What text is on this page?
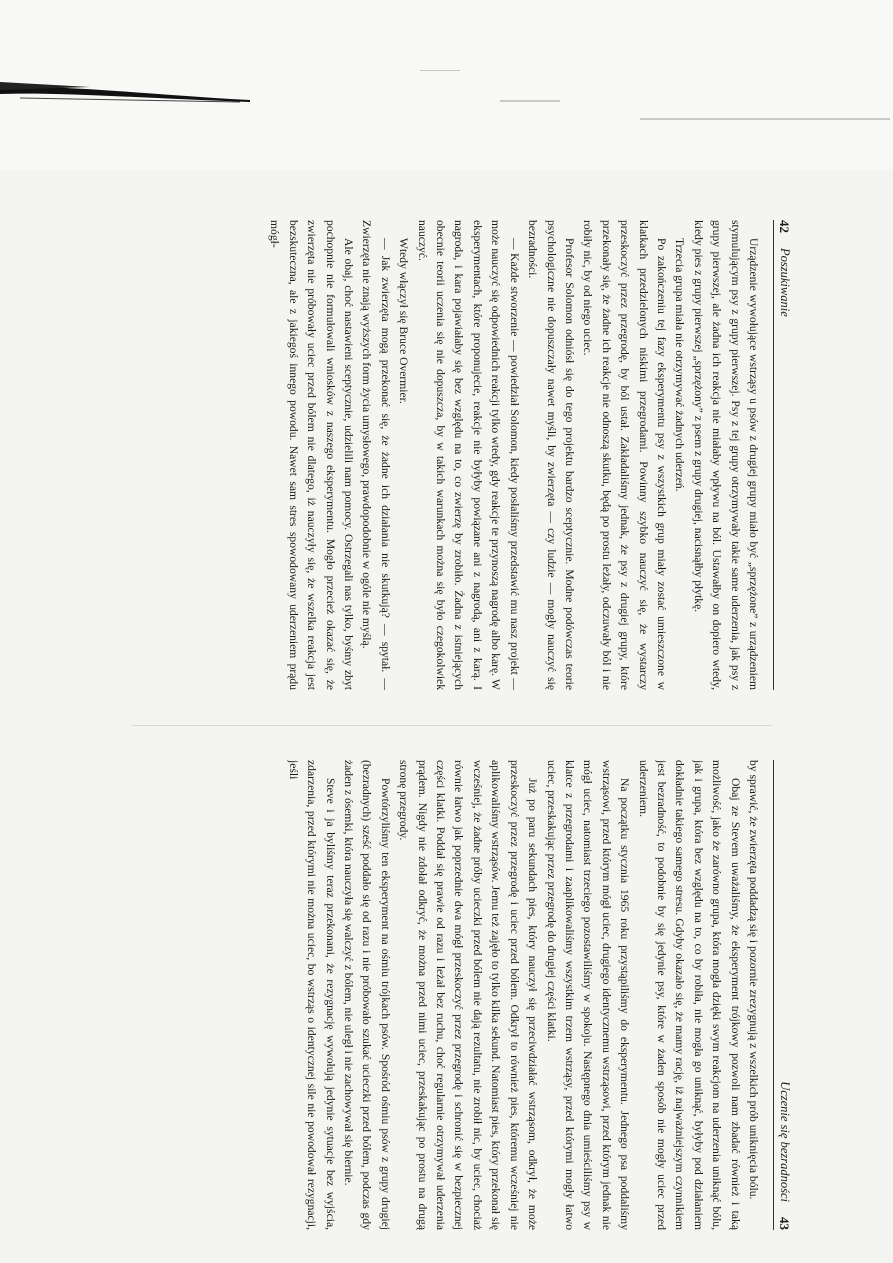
42
Poszukiwanie

Urządzenie wywołujące wstrząsy u psów z drugiej grupy miało być „sprzężone” z urządzeniem stymulującym psy z grupy pierwszej. Psy z tej grupy otrzymywały takie same uderzenia, jak psy z grupy pierwszej, ale żadna ich reakcja nie miałaby wpływu na ból. Ustawałby on dopiero wtedy, kiedy pies z grupy pierwszej „sprzężony” z psem z grupy drugiej, nacisnąłby płytkę.

Trzecia grupa miała nie otrzymywać żadnych uderzeń.

Po zakończeniu tej fazy eksperymentu psy z wszystkich grup miały zostać umieszczone w klatkach przedzielonych niskimi przegrodami. Powinny szybko nauczyć się, że wystarczy przeskoczyć przez przegrodę, by ból ustał. Zakładaliśmy jednak, że psy z drugiej grupy, które przekonały się, że żadne ich reakcje nie odnoszą skutku, będą po prostu leżały, odczuwały ból i nie robiły nic, by od niego uciec.

Profesor Solomon odniósł się do tego projektu bardzo sceptycznie. Modne podówczas teorie psychologiczne nie dopuszczały nawet myśli, by zwierzęta — czy ludzie — mogły nauczyć się bezradności.

— Każde stworzenie — powiedział Solomon, kiedy posłaliśmy przedstawić mu nasz projekt — może nauczyć się odpowiednich reakcji tylko wtedy, gdy reakcje te przynoszą nagrodę albo karę. W eksperymentach, które proponujecie, reakcje nie byłyby powiązane ani z nagrodą, ani z karą. I nagroda, i kara pojawiałaby się bez względu na to, co zwierzę by zrobiło. Żadna z istniejących obecnie teorii uczenia się nie dopuszcza, by w takich warunkach można się było czegokolwiek nauczyć.

Wtedy włączył się Bruce Overmier.

— Jak zwierzęta mogą przekonać się, że żadne ich działania nie skutkują? — spytał. — Zwierzęta nie znają wyższych form życia umysłowego, prawdopodobnie w ogóle nie myślą.

Ale obaj, choć nastawieni sceptycznie, udzielili nam pomocy. Ostrzegali nas tylko, byśmy zbyt pochopnie nie formułowali wniosków z naszego eksperymentu. Mogło przecież okazać się, że zwierzęta nie próbowały uciec przed bólem nie dlatego, iż nauczyły się, że wszelka reakcja jest bezskuteczna, ale z jakiegoś innego powodu. Nawet sam stres spowodowany uderzeniem prądu mógł-

Uczenie się bezradności
43

by sprawić, że zwierzęta poddadzą się i pozornie zrezygnują z wszelkich prób uniknięcia bólu.

Obaj ze Stevem uważaliśmy, że eksperyment trójkowy pozwoli nam zbadać również i taką możliwość, jako że zarówno grupa, która mogła dzięki swym reakcjom na uderzenia uniknąć bólu, jak i grupa, która bez względu na to, co by robiła, nie mogła go uniknąć, byłyby pod działaniem dokładnie takiego samego stresu. Gdyby okazało się, że mamy rację, iż najważniejszym czynnikiem jest bezradność, to podobnie by się jedynie psy, które w żaden sposób nie mogły uciec przed uderzeniem.

Na początku stycznia 1965 roku przystąpiliśmy do eksperymentu. Jednego psa poddaliśmy wstrząsowi, przed którym mógł uciec, drugiego identycznemu wstrząsowi, przed którym jednak nie mógł uciec, natomiast trzeciego pozostawiliśmy w spokoju. Następnego dnia umieściliśmy psy w klatce z przegrodami i zaaplikowaliśmy wszystkim trzem wstrząsy, przed którymi mogły łatwo uciec, przeskakując przez przegrodę do drugiej części klatki.

Już po paru sekundach pies, który nauczył się przeciwdziałać wstrząsom, odkrył, że może przeskoczyć przez przegrodę i uciec przed bólem. Odkrył to również pies, któremu wcześniej nie aplikowaliśmy wstrząsów. Jemu też zajęło to tylko kilka sekund. Natomiast pies, który przekonał się wcześniej, że żadne próby ucieczki przed bólem nie dają rezultatu, nie zrobił nic, by uciec, chociaż równie łatwo jak poprzednie dwa mógł przeskoczyć przez przegrodę i schronić się w bezpiecznej części klatki. Poddał się prawie od razu i leżał bez ruchu, choć regularnie otrzymywał uderzenia prądem. Nigdy nie zdołał odkryć, że można przed nimi uciec, przeskakując po prostu na drugą stronę przegrody.

Powtórzyliśmy ten eksperyment na ośmiu trójkach psów. Spośród ośmiu psów z grupy drugiej (bezradnych) sześć poddało się od razu i nie próbowało szukać ucieczki przed bólem, podczas gdy żaden z ósemki, która nauczyła się walczyć z bólem, nie uległ i nie zachowywał się biernie.

Steve i ja byliśmy teraz przekonani, że rezygnację wywołują jedynie sytuacje bez wyjścia, zdarzenia, przed którymi nie można uciec, bo wstrząs o identycznej sile nie powodował rezygnacji, jeśli
